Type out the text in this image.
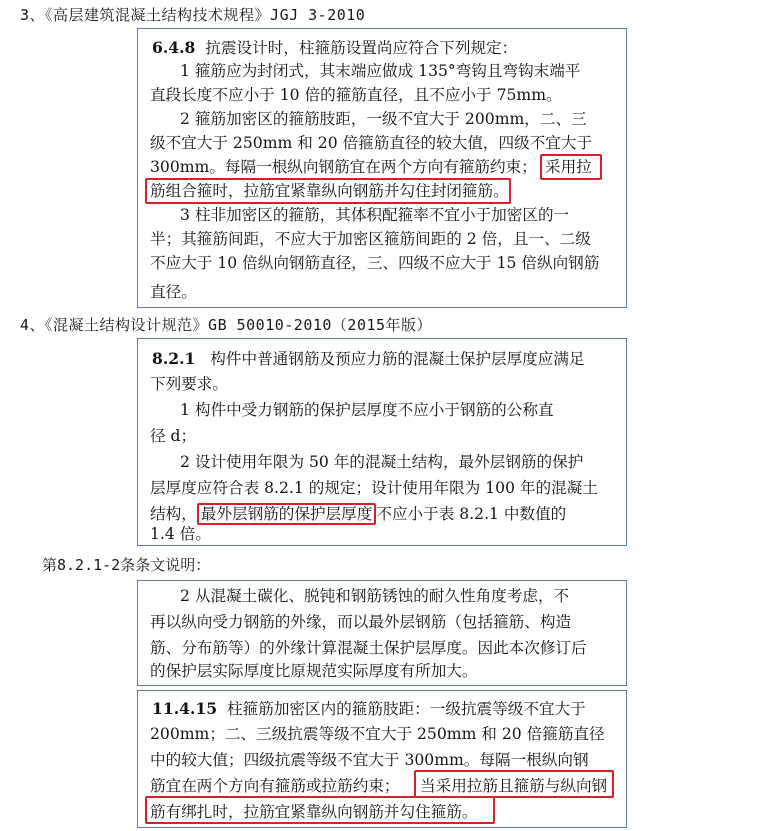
3、《高层建筑混凝土结构技术规程》JGJ 3-2010
6.4.8 抗震设计时，柱箍筋设置尚应符合下列规定：
1 箍筋应为封闭式，其末端应做成 135°弯钩且弯钩末端平
直段长度不应小于 10 倍的箍筋直径，且不应小于 75mm。
2 箍筋加密区的箍筋肢距，一级不宜大于 200mm，二、三
级不宜大于 250mm 和 20 倍箍筋直径的较大值，四级不宜大于
300mm。每隔一根纵向钢筋宜在两个方向有箍筋约束； 采用拉
筋组合箍时，拉筋宜紧靠纵向钢筋并勾住封闭箍筋。
3 柱非加密区的箍筋，其体积配箍率不宜小于加密区的一
半；其箍筋间距，不应大于加密区箍筋间距的 2 倍，且一、二级
不应大于 10 倍纵向钢筋直径，三、四级不应大于 15 倍纵向钢筋
4、《混凝土结构设计规范》GB 50010-2010（2015年版）
8.2.1 构件中普通钢筋及预应力筋的混凝土保护层厚度应满足
下列要求。
1 构件中受力钢筋的保护层厚度不应小于钢筋的公称直
径 d；
2 设计使用年限为 50 年的混凝土结构，最外层钢筋的保护
层厚度应符合表 8.2.1 的规定；设计使用年限为 100 年的混凝土
结构， 最外层钢筋的保护层厚度 不应小于表 8.2.1 中数值的
1.4 倍。
第8.2.1-2条条文说明：
2 从混凝土碳化、脱钝和钢筋锈蚀的耐久性角度考虑，不
再以纵向受力钢筋的外缘，而以最外层钢筋（包括箍筋、构造
筋、分布筋等）的外缘计算混凝土保护层厚度。因此本次修订后
的保护层实际厚度比原规范实际厚度有所加大。
11.4.15 柱箍筋加密区内的箍筋肢距：一级抗震等级不宜大于
200mm；二、三级抗震等级不宜大于 250mm 和 20 倍箍筋直径
中的较大值；四级抗震等级不宜大于 300mm。每隔一根纵向钢
筋宜在两个方向有箍筋或拉筋约束； 当采用拉筋且箍筋与纵向钢
筋有绑扎时，拉筋宜紧靠纵向钢筋并勾住箍筋。
直径。
